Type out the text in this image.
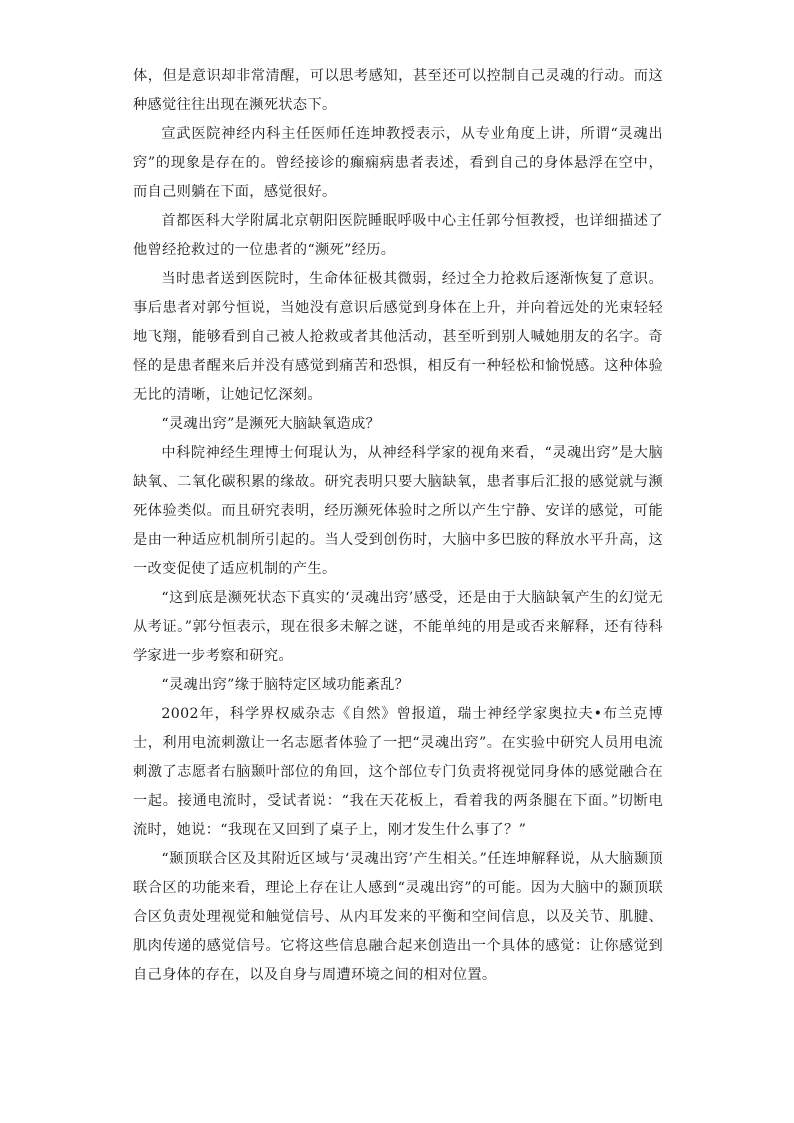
体，但是意识却非常清醒，可以思考感知，甚至还可以控制自己灵魂的行动。而这种感觉往往出现在濒死状态下。

宣武医院神经内科主任医师任连坤教授表示，从专业角度上讲，所谓“灵魂出窍”的现象是存在的。曾经接诊的癫痫病患者表述，看到自己的身体悬浮在空中，而自己则躺在下面，感觉很好。

首都医科大学附属北京朝阳医院睡眠呼吸中心主任郭兮恒教授，也详细描述了他曾经抢救过的一位患者的“濒死”经历。

当时患者送到医院时，生命体征极其微弱，经过全力抢救后逐渐恢复了意识。事后患者对郭兮恒说，当她没有意识后感觉到身体在上升，并向着远处的光束轻轻地飞翔，能够看到自己被人抢救或者其他活动，甚至听到别人喊她朋友的名字。奇怪的是患者醒来后并没有感觉到痛苦和恐惧，相反有一种轻松和愉悦感。这种体验无比的清晰，让她记忆深刻。

“灵魂出窍”是濒死大脑缺氧造成？

中科院神经生理博士何琨认为，从神经科学家的视角来看，“灵魂出窍”是大脑缺氧、二氧化碳积累的缘故。研究表明只要大脑缺氧，患者事后汇报的感觉就与濒死体验类似。而且研究表明，经历濒死体验时之所以产生宁静、安详的感觉，可能是由一种适应机制所引起的。当人受到创伤时，大脑中多巴胺的释放水平升高，这一改变促使了适应机制的产生。

“这到底是濒死状态下真实的‘灵魂出窍’感受，还是由于大脑缺氧产生的幻觉无从考证。”郭兮恒表示，现在很多未解之谜，不能单纯的用是或否来解释，还有待科学家进一步考察和研究。

“灵魂出窍”缘于脑特定区域功能紊乱？

2002年，科学界权威杂志《自然》曾报道，瑞士神经学家奥拉夫•布兰克博士，利用电流刺激让一名志愿者体验了一把“灵魂出窍”。在实验中研究人员用电流刺激了志愿者右脑颞叶部位的角回，这个部位专门负责将视觉同身体的感觉融合在一起。接通电流时，受试者说：“我在天花板上，看着我的两条腿在下面。”切断电流时，她说：“我现在又回到了桌子上，刚才发生什么事了？”

“颞顶联合区及其附近区域与‘灵魂出窍’产生相关。”任连坤解释说，从大脑颞顶联合区的功能来看，理论上存在让人感到“灵魂出窍”的可能。因为大脑中的颞顶联合区负责处理视觉和触觉信号、从内耳发来的平衡和空间信息，以及关节、肌腱、肌肉传递的感觉信号。它将这些信息融合起来创造出一个具体的感觉：让你感觉到自己身体的存在，以及自身与周遭环境之间的相对位置。
